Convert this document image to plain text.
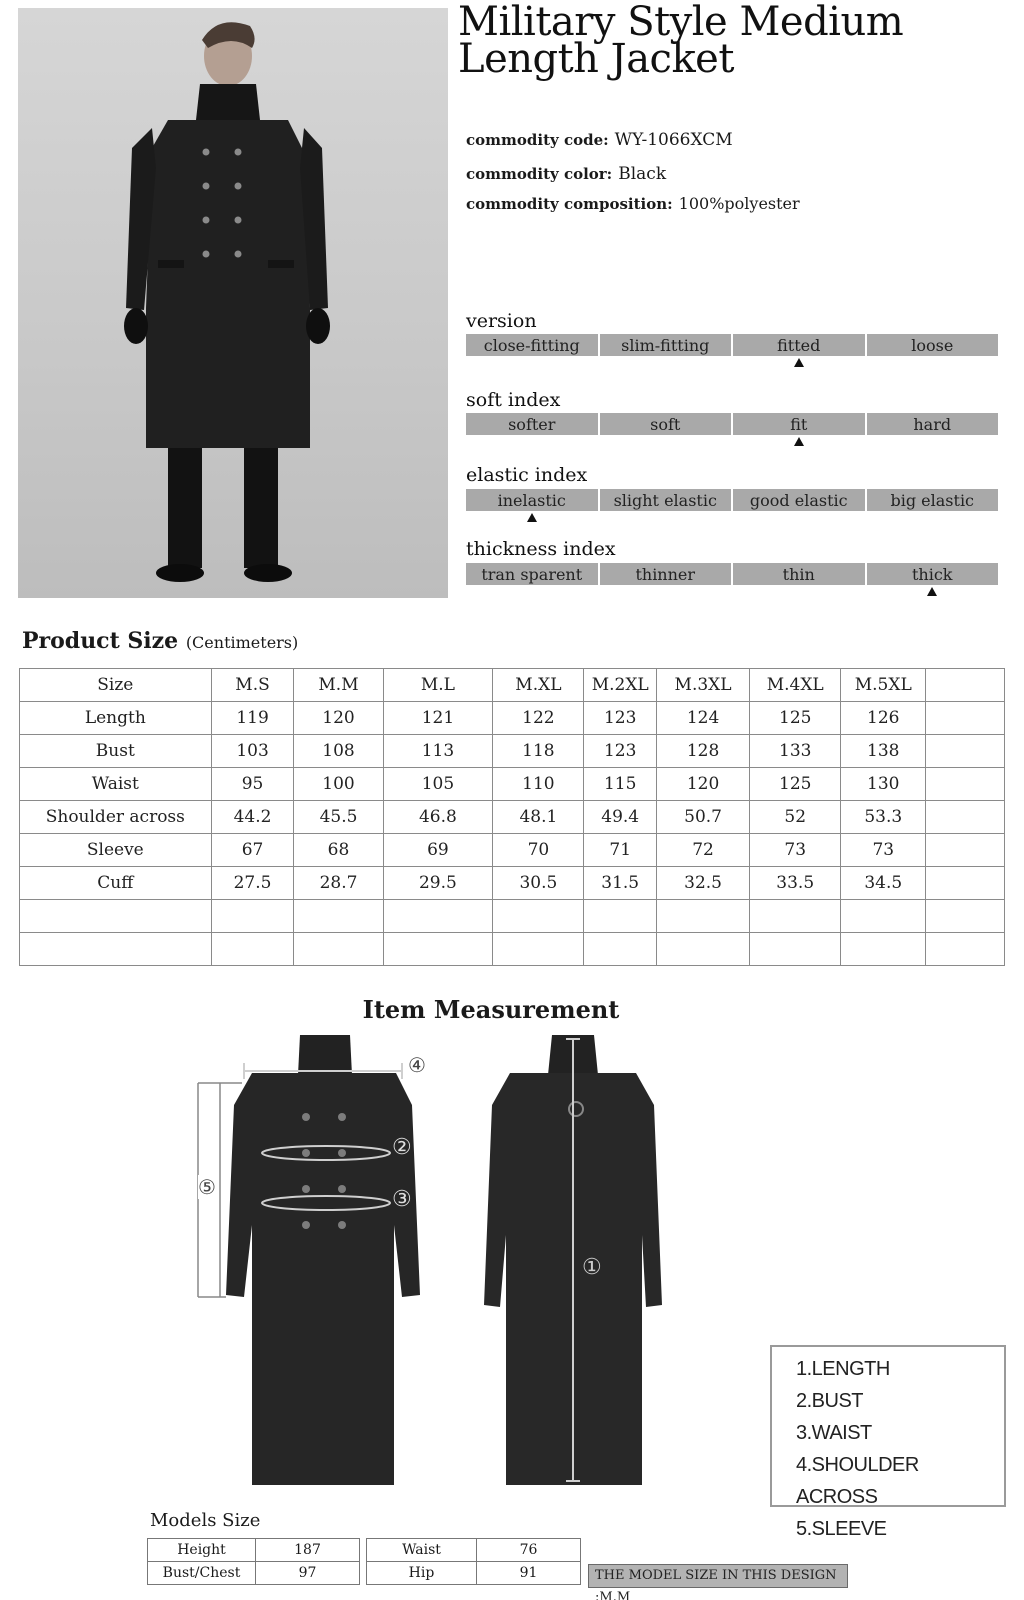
Military Style Medium Length Jacket
commodity code: WY-1066XCM
commodity color: Black
commodity composition: 100%polyester
version
close-fitting	slim-fitting	fitted	loose
soft index
softer	soft	fit	hard
elastic index
inelastic	slight elastic	good elastic	big elastic
thickness index
tran sparent	thinner	thin	thick
Product Size (Centimeters)
Size	M.S	M.M	M.L	M.XL	M.2XL	M.3XL	M.4XL	M.5XL	
Length	119	120	121	122	123	124	125	126	
Bust	103	108	113	118	123	128	133	138	
Waist	95	100	105	110	115	120	125	130	
Shoulder across	44.2	45.5	46.8	48.1	49.4	50.7	52	53.3	
Sleeve	67	68	69	70	71	72	73	73	
Cuff	27.5	28.7	29.5	30.5	31.5	32.5	33.5	34.5	

Item Measurement
④
②
③
⑤
①
1.LENGTH
2.BUST
3.WAIST
4.SHOULDER ACROSS
5.SLEEVE
Models Size
Height	187
Bust/Chest	97
Waist	76
Hip	91	THE MODEL SIZE IN THIS DESIGN :M.M
